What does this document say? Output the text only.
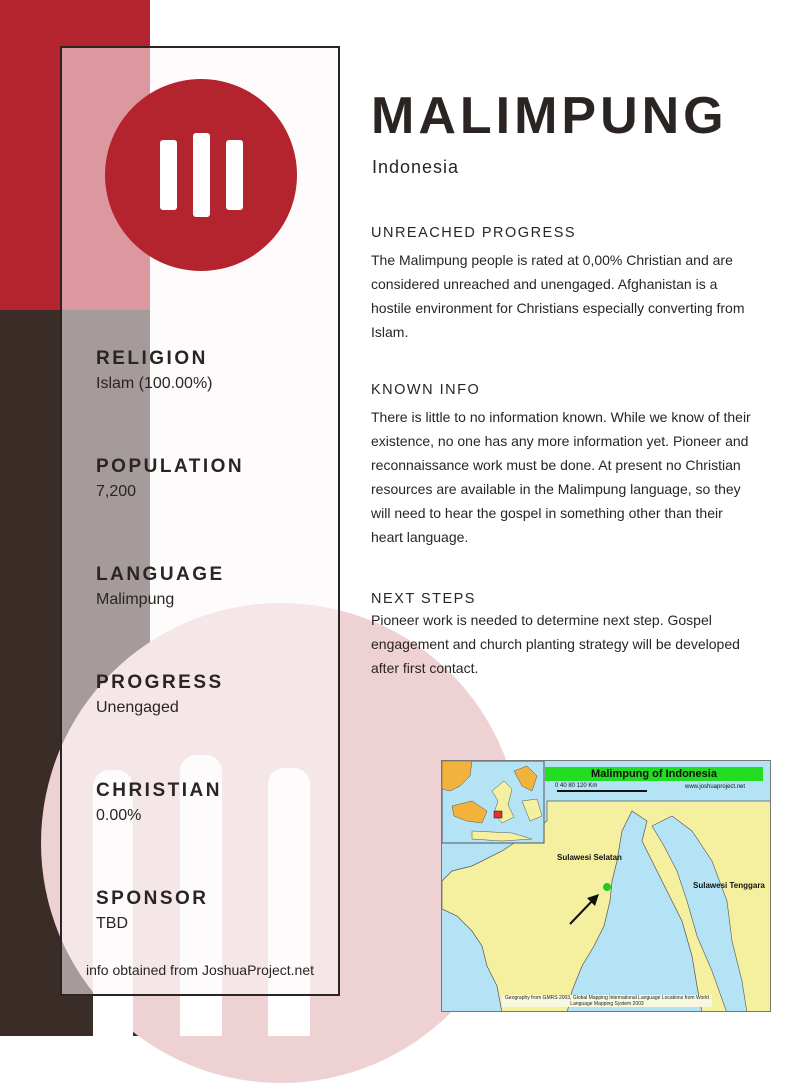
RELIGION

Islam (100.00%)

POPULATION

7,200

LANGUAGE

Malimpung

PROGRESS

Unengaged

CHRISTIAN

0.00%

SPONSOR

TBD
info obtained from JoshuaProject.net
MALIMPUNG
Indonesia

UNREACHED PROGRESS

The Malimpung people is rated at 0,00% Christian and are considered unreached and unengaged. Afghanistan is a hostile environment for Christians especially converting from Islam.

KNOWN INFO

There is little to no information known. While we know of their existence, no one has any more information yet. Pioneer and reconnaissance work must be done. At present no Christian resources are available in the Malimpung language, so they will need to hear the gospel in something other than their heart language.

NEXT STEPS

Pioneer work is needed to determine next step. Gospel engagement and church planting strategy will be developed after first contact.

Malimpung of Indonesia
0 40 80 120 Km	www.joshuaproject.net
Sulawesi Selatan
Sulawesi Tenggara
Geography from GMRS 2003, Global Mapping International Language Locations from World Language Mapping System 2003
